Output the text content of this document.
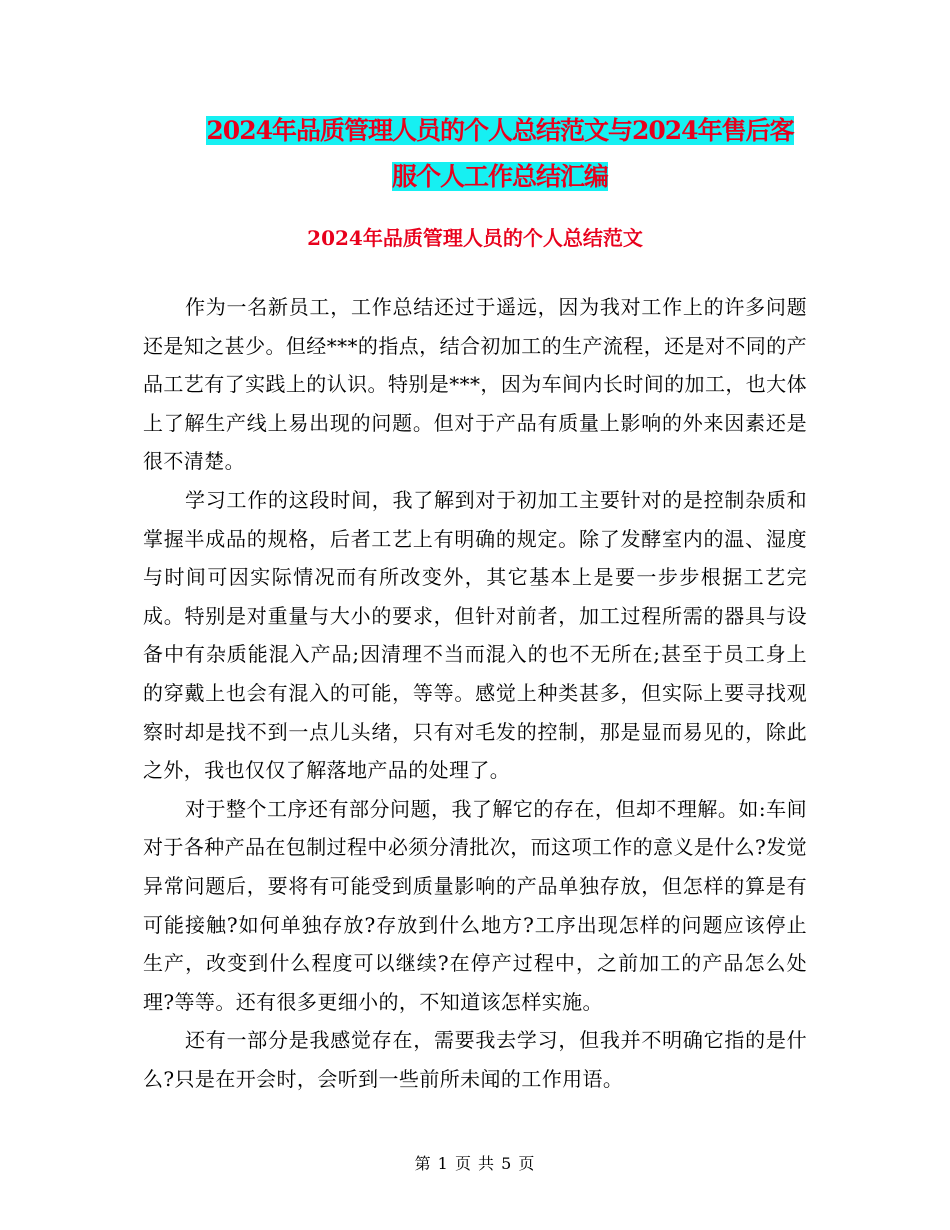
2024年品质管理人员的个人总结范文与2024年售后客
服个人工作总结汇编
2024年品质管理人员的个人总结范文

作为一名新员工，工作总结还过于遥远，因为我对工作上的许多问题还是知之甚少。但经***的指点，结合初加工的生产流程，还是对不同的产品工艺有了实践上的认识。特别是***，因为车间内长时间的加工，也大体上了解生产线上易出现的问题。但对于产品有质量上影响的外来因素还是很不清楚。

学习工作的这段时间，我了解到对于初加工主要针对的是控制杂质和掌握半成品的规格，后者工艺上有明确的规定。除了发酵室内的温、湿度与时间可因实际情况而有所改变外，其它基本上是要一步步根据工艺完成。特别是对重量与大小的要求，但针对前者，加工过程所需的器具与设备中有杂质能混入产品;因清理不当而混入的也不无所在;甚至于员工身上的穿戴上也会有混入的可能，等等。感觉上种类甚多，但实际上要寻找观察时却是找不到一点儿头绪，只有对毛发的控制，那是显而易见的，除此之外，我也仅仅了解落地产品的处理了。

对于整个工序还有部分问题，我了解它的存在，但却不理解。如:车间对于各种产品在包制过程中必须分清批次，而这项工作的意义是什么?发觉异常问题后，要将有可能受到质量影响的产品单独存放，但怎样的算是有可能接触?如何单独存放?存放到什么地方?工序出现怎样的问题应该停止生产，改变到什么程度可以继续?在停产过程中，之前加工的产品怎么处理?等等。还有很多更细小的，不知道该怎样实施。

还有一部分是我感觉存在，需要我去学习，但我并不明确它指的是什么?只是在开会时，会听到一些前所未闻的工作用语。

第 1 页 共 5 页
